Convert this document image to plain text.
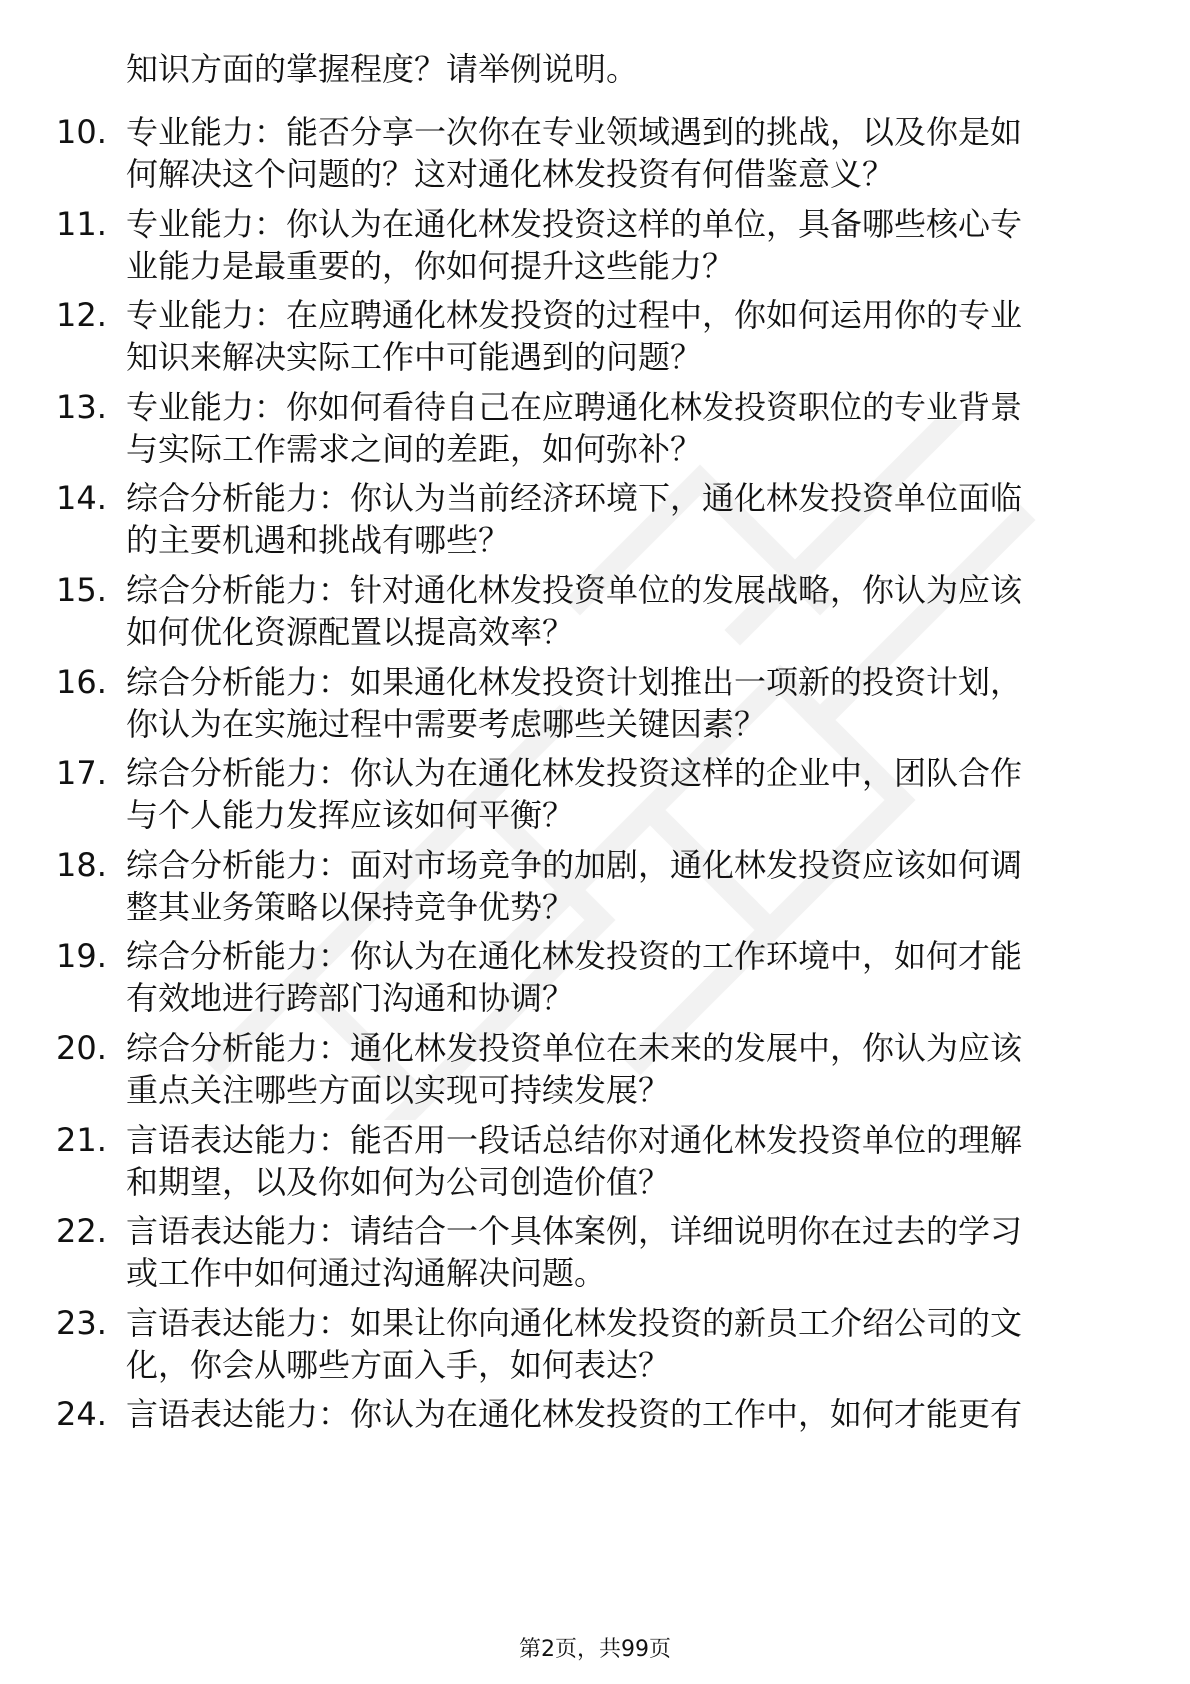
知识方面的掌握程度？请举例说明。
10. 专业能力：能否分享一次你在专业领域遇到的挑战，以及你是如
何解决这个问题的？这对通化林发投资有何借鉴意义？
11. 专业能力：你认为在通化林发投资这样的单位，具备哪些核心专
业能力是最重要的，你如何提升这些能力？
12. 专业能力：在应聘通化林发投资的过程中，你如何运用你的专业
知识来解决实际工作中可能遇到的问题？
13. 专业能力：你如何看待自己在应聘通化林发投资职位的专业背景
与实际工作需求之间的差距，如何弥补？
14. 综合分析能力：你认为当前经济环境下，通化林发投资单位面临
的主要机遇和挑战有哪些？
15. 综合分析能力：针对通化林发投资单位的发展战略，你认为应该
如何优化资源配置以提高效率？
16. 综合分析能力：如果通化林发投资计划推出一项新的投资计划，
你认为在实施过程中需要考虑哪些关键因素？
17. 综合分析能力：你认为在通化林发投资这样的企业中，团队合作
与个人能力发挥应该如何平衡？
18. 综合分析能力：面对市场竞争的加剧，通化林发投资应该如何调
整其业务策略以保持竞争优势？
19. 综合分析能力：你认为在通化林发投资的工作环境中，如何才能
有效地进行跨部门沟通和协调？
20. 综合分析能力：通化林发投资单位在未来的发展中，你认为应该
重点关注哪些方面以实现可持续发展？
21. 言语表达能力：能否用一段话总结你对通化林发投资单位的理解
和期望，以及你如何为公司创造价值？
22. 言语表达能力：请结合一个具体案例，详细说明你在过去的学习
或工作中如何通过沟通解决问题。
23. 言语表达能力：如果让你向通化林发投资的新员工介绍公司的文
化，你会从哪些方面入手，如何表达？
24. 言语表达能力：你认为在通化林发投资的工作中，如何才能更有
第2页，共99页
